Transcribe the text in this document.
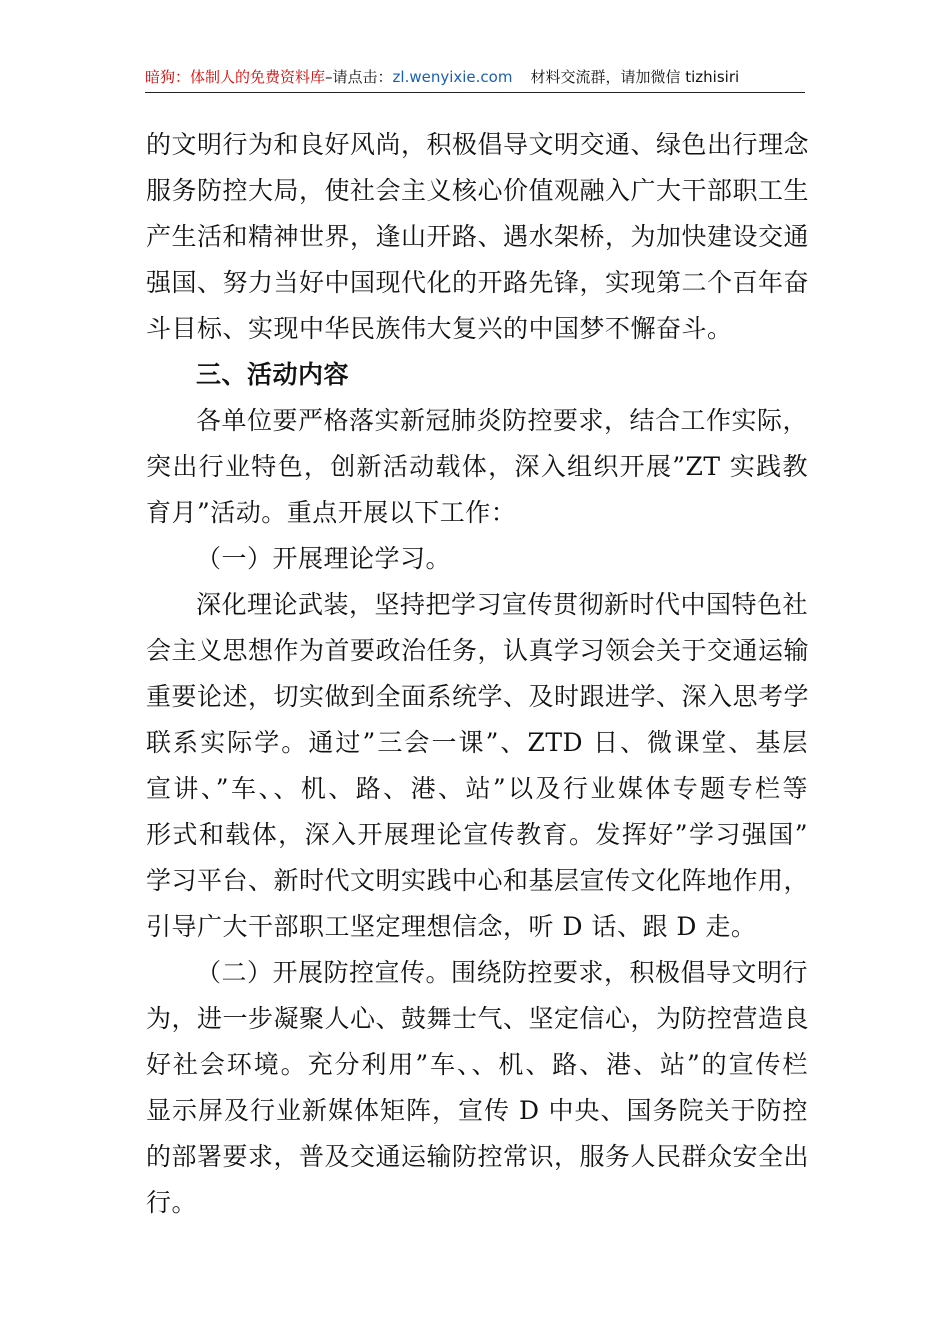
暗狗：体制人的免费资料库–请点击：zl.wenyixie.com 材料交流群，请加微信 tizhisiri
的文明行为和良好风尚，积极倡导文明交通、绿色出行理念
服务防控大局，使社会主义核心价值观融入广大干部职工生
产生活和精神世界，逢山开路、遇水架桥，为加快建设交通
强国、努力当好中国现代化的开路先锋，实现第二个百年奋
斗目标、实现中华民族伟大复兴的中国梦不懈奋斗。
三、活动内容
各单位要严格落实新冠肺炎防控要求，结合工作实际，
突出行业特色，创新活动载体，深入组织开展”ZT 实践教
育月”活动。重点开展以下工作：
（一）开展理论学习。
深化理论武装，坚持把学习宣传贯彻新时代中国特色社
会主义思想作为首要政治任务，认真学习领会关于交通运输
重要论述，切实做到全面系统学、及时跟进学、深入思考学
联系实际学。通过”三会一课”、ZTD 日、微课堂、基层
宣讲、”车、、机、路、港、站”以及行业媒体专题专栏等
形式和载体，深入开展理论宣传教育。发挥好”学习强国”
学习平台、新时代文明实践中心和基层宣传文化阵地作用，
引导广大干部职工坚定理想信念，听 D 话、跟 D 走。
（二）开展防控宣传。围绕防控要求，积极倡导文明行
为，进一步凝聚人心、鼓舞士气、坚定信心，为防控营造良
好社会环境。充分利用”车、、机、路、港、站”的宣传栏
显示屏及行业新媒体矩阵，宣传 D 中央、国务院关于防控
的部署要求，普及交通运输防控常识，服务人民群众安全出
行。
